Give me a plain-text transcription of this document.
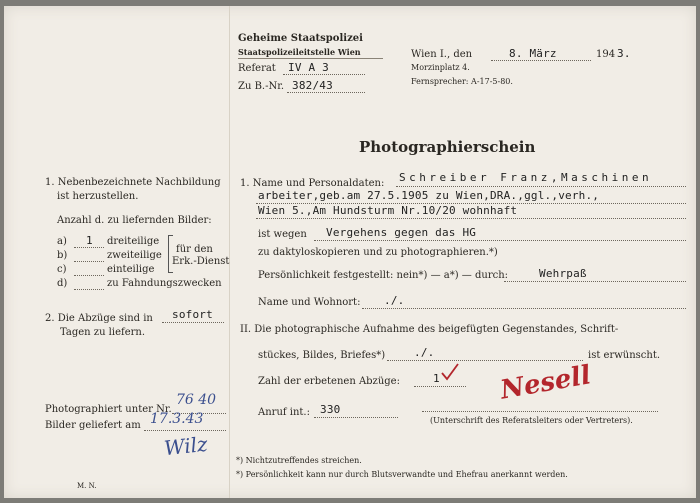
Geheime Staatspolizei
Staatspolizeileitstelle Wien
Referat IV A 3
Zu B.-Nr. 382/43
Wien I., den	8. März	194 3.
Morzinplatz 4.
Fernsprecher: A-17-5-80.
Photographierschein
1. Nebenbezeichnete Nachbildung
ist herzustellen.
Anzahl d. zu liefernden Bilder:
a) 1 dreiteilige
b)	zweiteilige
c)	einteilige
d)	zu Fahndungszwecken
für den
Erk.-Dienst
2. Die Abzüge sind in sofort
Tagen zu liefern.
Photographiert unter Nr.
76 40
Bilder geliefert am 17.3.43
Wilz
M. N.
1. Name und Personaldaten: Schreiber Franz,Maschinen
arbeiter,geb.am 27.5.1905 zu Wien,DRA.,ggl.,verh.,
Wien 5.,Am Hundsturm Nr.10/20 wohnhaft
ist wegen Vergehens gegen das HG
zu daktyloskopieren und zu photographieren.*)
Persönlichkeit festgestellt: nein*) — a*) — durch:	Wehrpaß
Name und Wohnort: ./.
II. Die photographische Aufnahme des beigefügten Gegenstandes, Schrift-
stückes, Bildes, Briefes*)	./.	ist erwünscht.
Zahl der erbetenen Abzüge:	1
Anruf int.: 330
Nesell
(Unterschrift des Referatsleiters oder Vertreters).
*) Nichtzutreffendes streichen.
*) Persönlichkeit kann nur durch Blutsverwandte und Ehefrau anerkannt werden.
